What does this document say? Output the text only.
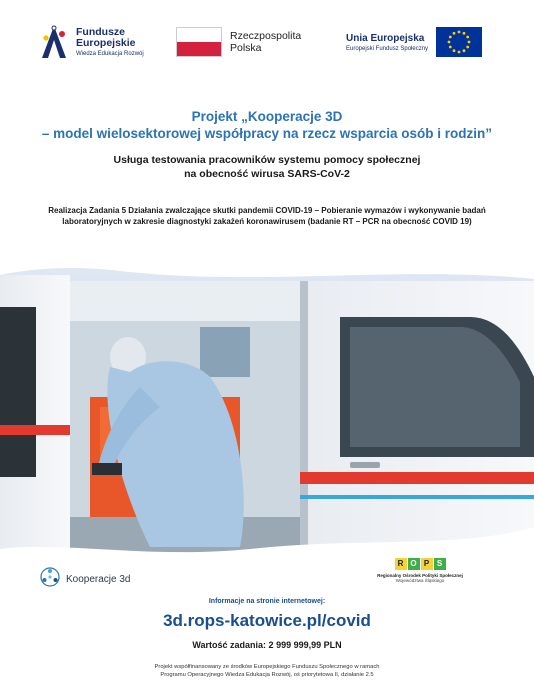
Fundusze
Europejskie
Wiedza Edukacja Rozwój
Rzeczpospolita
Polska
Unia Europejska
Europejski Fundusz Społeczny
Projekt „Kooperacje 3D
– model wielosektorowej współpracy na rzecz wsparcia osób i rodzin”
Usługa testowania pracowników systemu pomocy społecznej
na obecność wirusa SARS-CoV-2
Realizacja Zadania 5 Działania zwalczające skutki pandemii COVID-19 – Pobieranie wymazów i wykonywanie badań laboratoryjnych w zakresie diagnostyki zakażeń koronawirusem (badanie RT – PCR na obecność COVID 19)
Kooperacje 3d
R O P S
Regionalny Ośrodek Polityki Społecznej
Województwa Śląskiego
Informacje na stronie internetowej:
3d.rops-katowice.pl/covid
Wartość zadania: 2 999 999,99 PLN
Projekt współfinansowany ze środków Europejskiego Funduszu Społecznego w ramach
Programu Operacyjnego Wiedza Edukacja Rozwój, oś priorytetowa II, działanie 2.5
